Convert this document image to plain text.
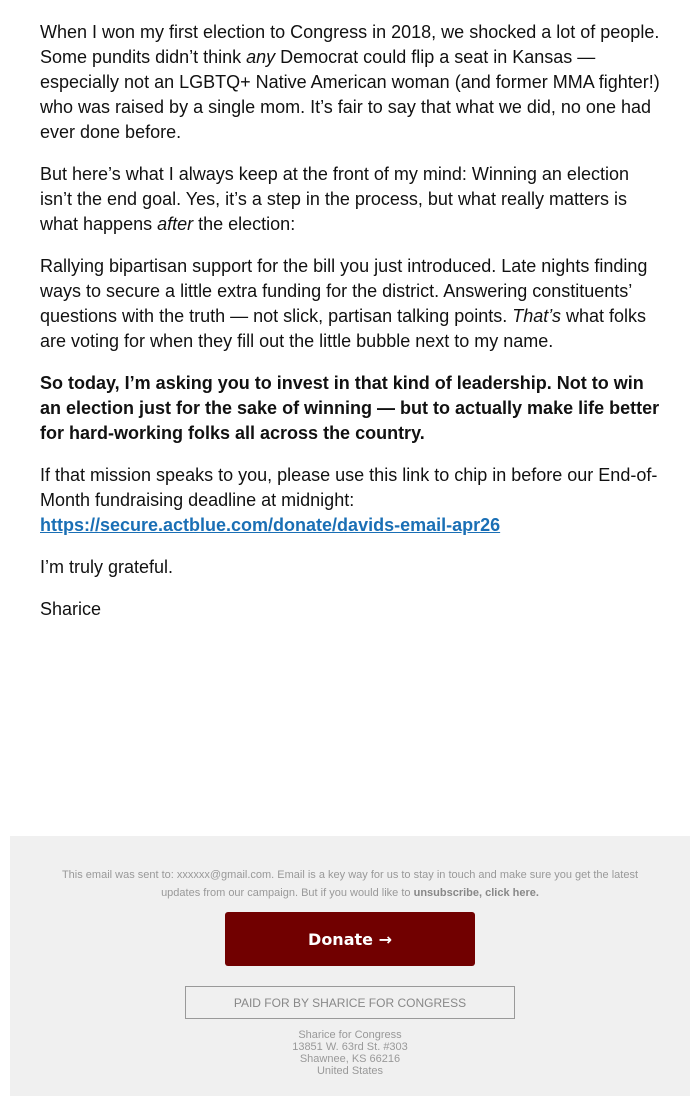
When I won my first election to Congress in 2018, we shocked a lot of people. Some pundits didn’t think any Democrat could flip a seat in Kansas — especially not an LGBTQ+ Native American woman (and former MMA fighter!) who was raised by a single mom. It’s fair to say that what we did, no one had ever done before.

But here’s what I always keep at the front of my mind: Winning an election isn’t the end goal. Yes, it’s a step in the process, but what really matters is what happens after the election:

Rallying bipartisan support for the bill you just introduced. Late nights finding ways to secure a little extra funding for the district. Answering constituents’ questions with the truth — not slick, partisan talking points. That’s what folks are voting for when they fill out the little bubble next to my name.

So today, I’m asking you to invest in that kind of leadership. Not to win an election just for the sake of winning — but to actually make life better for hard-working folks all across the country.

If that mission speaks to you, please use this link to chip in before our End-of-Month fundraising deadline at midnight:
https://secure.actblue.com/donate/davids-email-apr26

I’m truly grateful.

Sharice

This email was sent to: xxxxxx@gmail.com. Email is a key way for us to stay in touch and make sure you get the latest updates from our campaign. But if you would like to unsubscribe, click here.
Donate →
PAID FOR BY SHARICE FOR CONGRESS
Sharice for Congress
13851 W. 63rd St. #303
Shawnee, KS 66216
United States
